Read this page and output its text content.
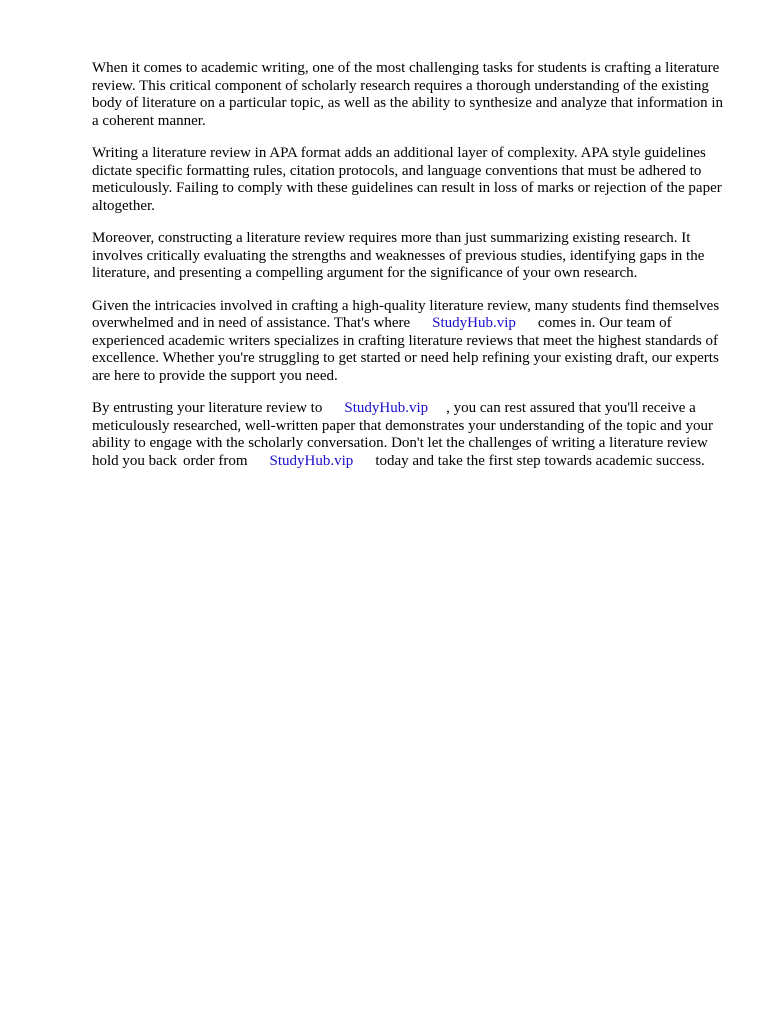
When it comes to academic writing, one of the most challenging tasks for students is crafting a literature review. This critical component of scholarly research requires a thorough understanding of the existing body of literature on a particular topic, as well as the ability to synthesize and analyze that information in a coherent manner.

Writing a literature review in APA format adds an additional layer of complexity. APA style guidelines dictate specific formatting rules, citation protocols, and language conventions that must be adhered to meticulously. Failing to comply with these guidelines can result in loss of marks or rejection of the paper altogether.

Moreover, constructing a literature review requires more than just summarizing existing research. It involves critically evaluating the strengths and weaknesses of previous studies, identifying gaps in the literature, and presenting a compelling argument for the significance of your own research.

Given the intricacies involved in crafting a high-quality literature review, many students find themselves overwhelmed and in need of assistance. That's where StudyHub.vip comes in. Our team of experienced academic writers specializes in crafting literature reviews that meet the highest standards of excellence. Whether you're struggling to get started or need help refining your existing draft, our experts are here to provide the support you need.

By entrusting your literature review to StudyHub.vip , you can rest assured that you'll receive a meticulously researched, well-written paper that demonstrates your understanding of the topic and your ability to engage with the scholarly conversation. Don't let the challenges of writing a literature review hold you back order from StudyHub.vip today and take the first step towards academic success.
